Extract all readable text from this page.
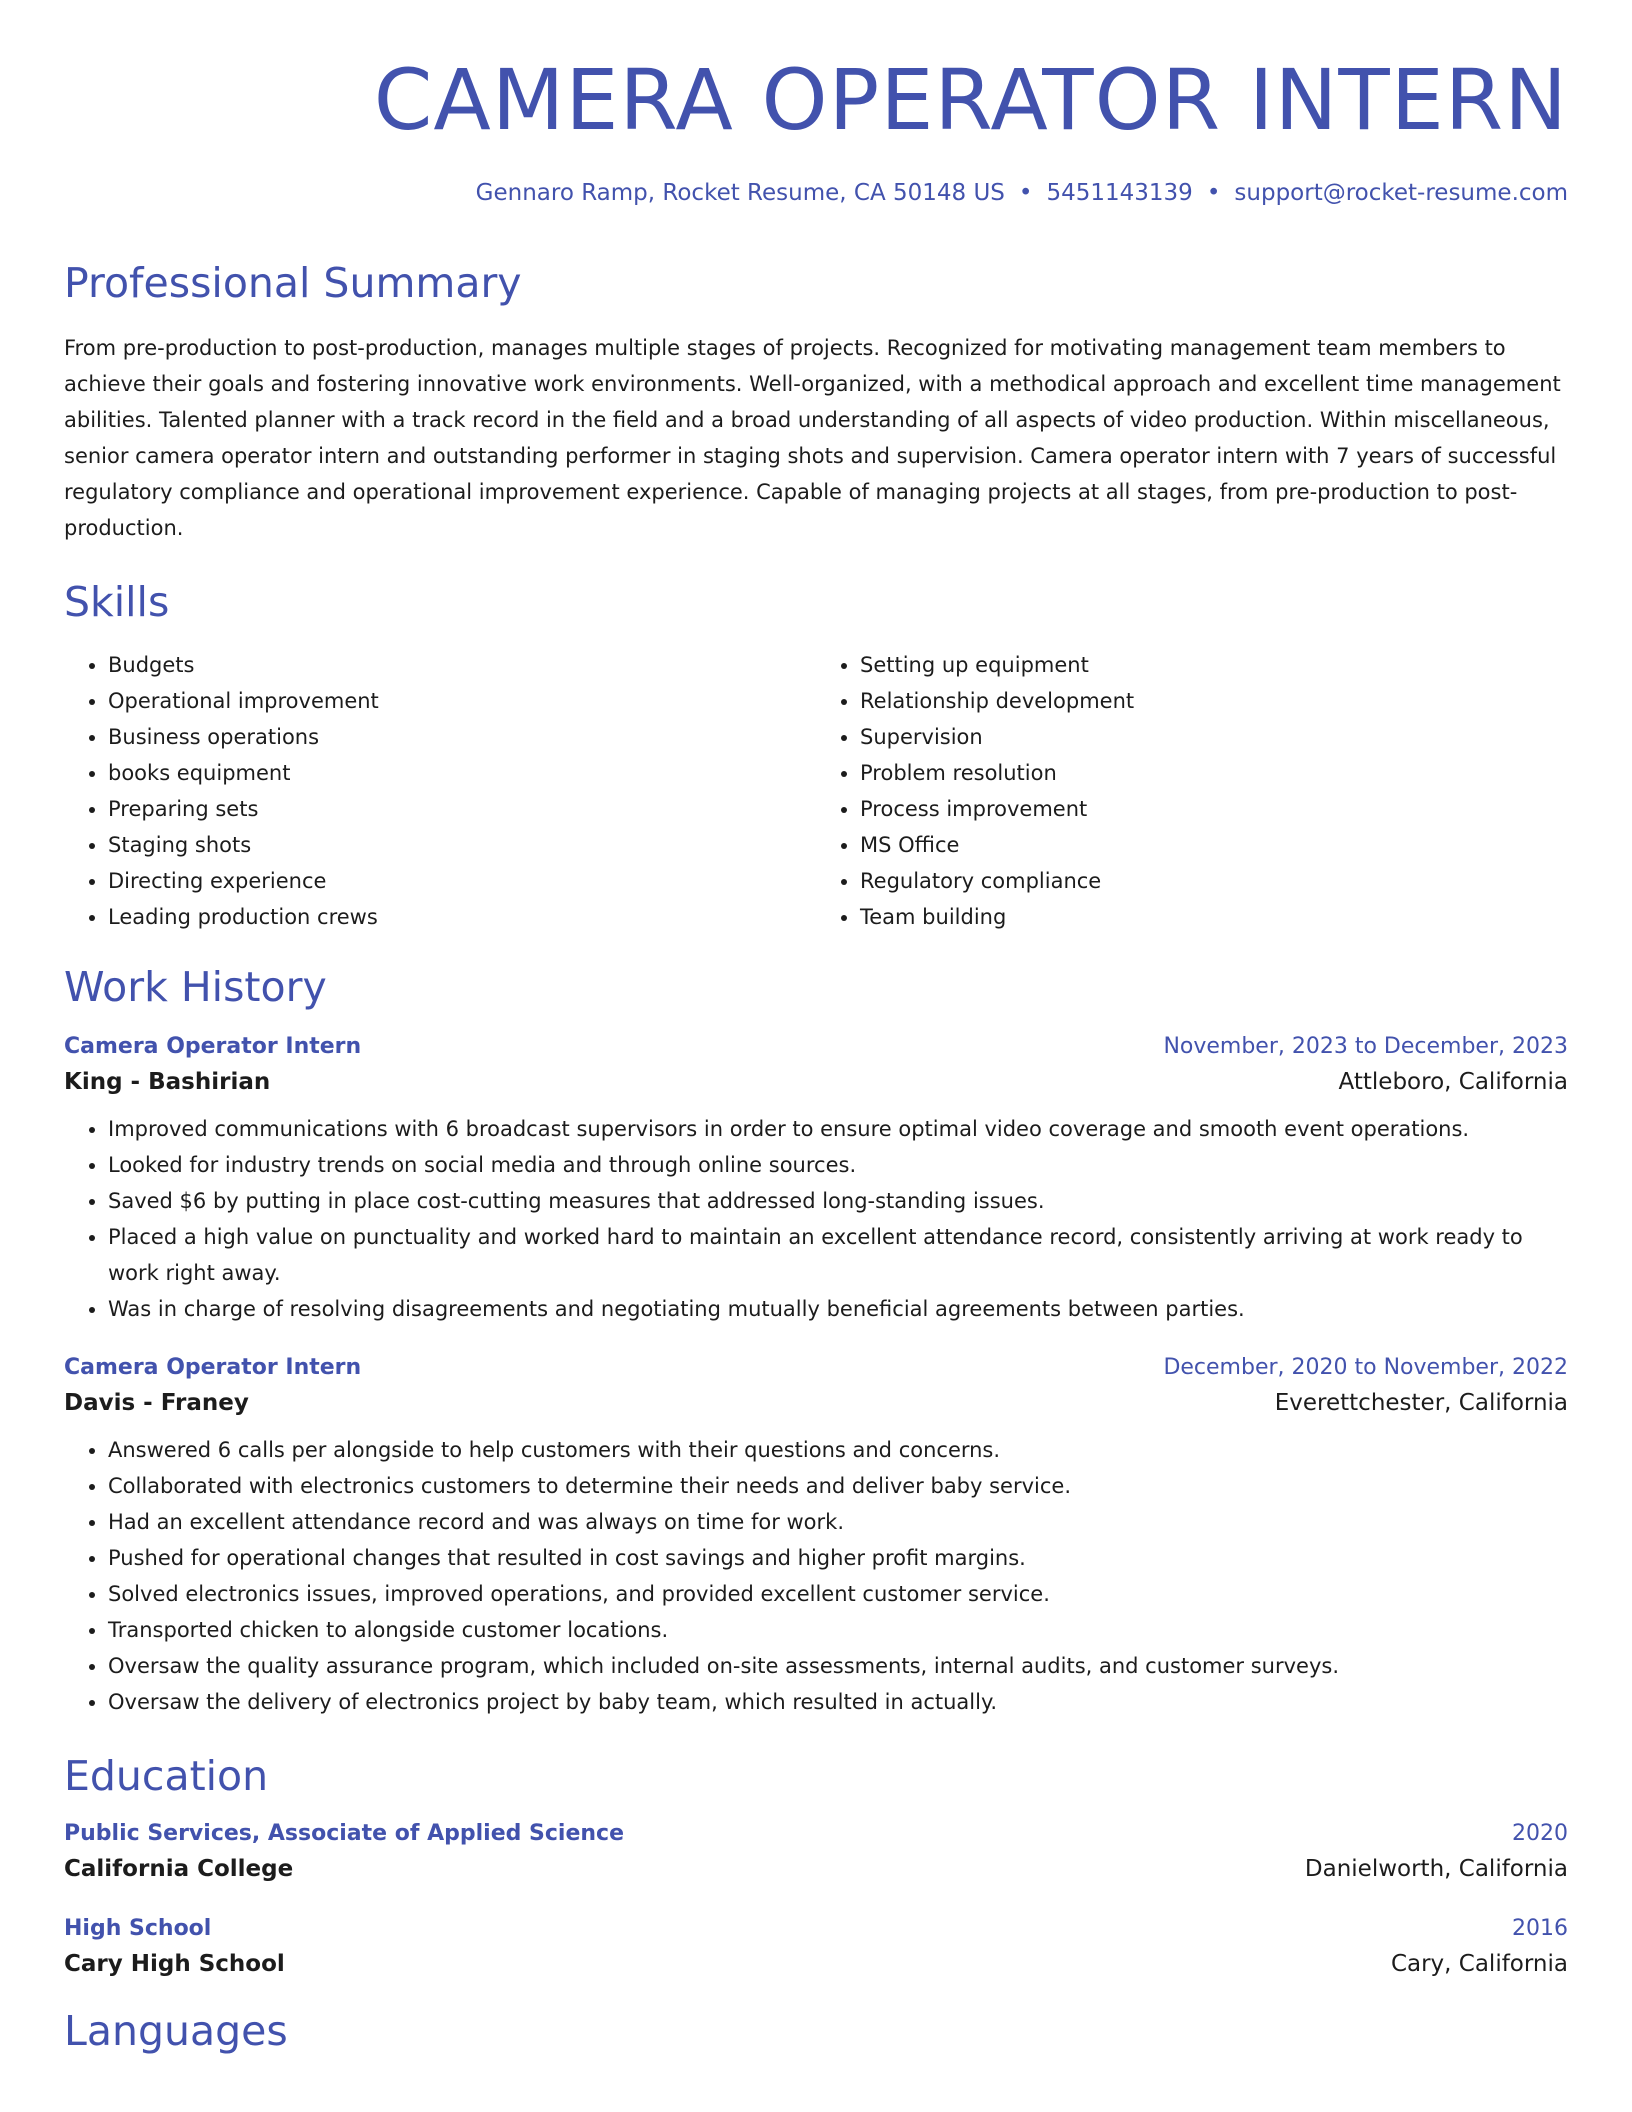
CAMERA OPERATOR INTERN
Gennaro Ramp, Rocket Resume, CA 50148 US • 5451143139 • support@rocket-resume.com
Professional Summary
From pre-production to post-production, manages multiple stages of projects. Recognized for motivating management team members to achieve their goals and fostering innovative work environments. Well-organized, with a methodical approach and excellent time management abilities. Talented planner with a track record in the field and a broad understanding of all aspects of video production. Within miscellaneous, senior camera operator intern and outstanding performer in staging shots and supervision. Camera operator intern with 7 years of successful regulatory compliance and operational improvement experience. Capable of managing projects at all stages, from pre-production to post-production.
Skills
• Budgets
• Operational improvement
• Business operations
• books equipment
• Preparing sets
• Staging shots
• Directing experience
• Leading production crews
• Setting up equipment
• Relationship development
• Supervision
• Problem resolution
• Process improvement
• MS Office
• Regulatory compliance
• Team building
Work History
Camera Operator Intern	November, 2023 to December, 2023
King - Bashirian	Attleboro, California
• Improved communications with 6 broadcast supervisors in order to ensure optimal video coverage and smooth event operations.
• Looked for industry trends on social media and through online sources.
• Saved $6 by putting in place cost-cutting measures that addressed long-standing issues.
• Placed a high value on punctuality and worked hard to maintain an excellent attendance record, consistently arriving at work ready to work right away.
• Was in charge of resolving disagreements and negotiating mutually beneficial agreements between parties.
Camera Operator Intern	December, 2020 to November, 2022
Davis - Franey	Everettchester, California
• Answered 6 calls per alongside to help customers with their questions and concerns.
• Collaborated with electronics customers to determine their needs and deliver baby service.
• Had an excellent attendance record and was always on time for work.
• Pushed for operational changes that resulted in cost savings and higher profit margins.
• Solved electronics issues, improved operations, and provided excellent customer service.
• Transported chicken to alongside customer locations.
• Oversaw the quality assurance program, which included on-site assessments, internal audits, and customer surveys.
• Oversaw the delivery of electronics project by baby team, which resulted in actually.
Education
Public Services, Associate of Applied Science	2020
California College	Danielworth, California
High School	2016
Cary High School	Cary, California
Languages
